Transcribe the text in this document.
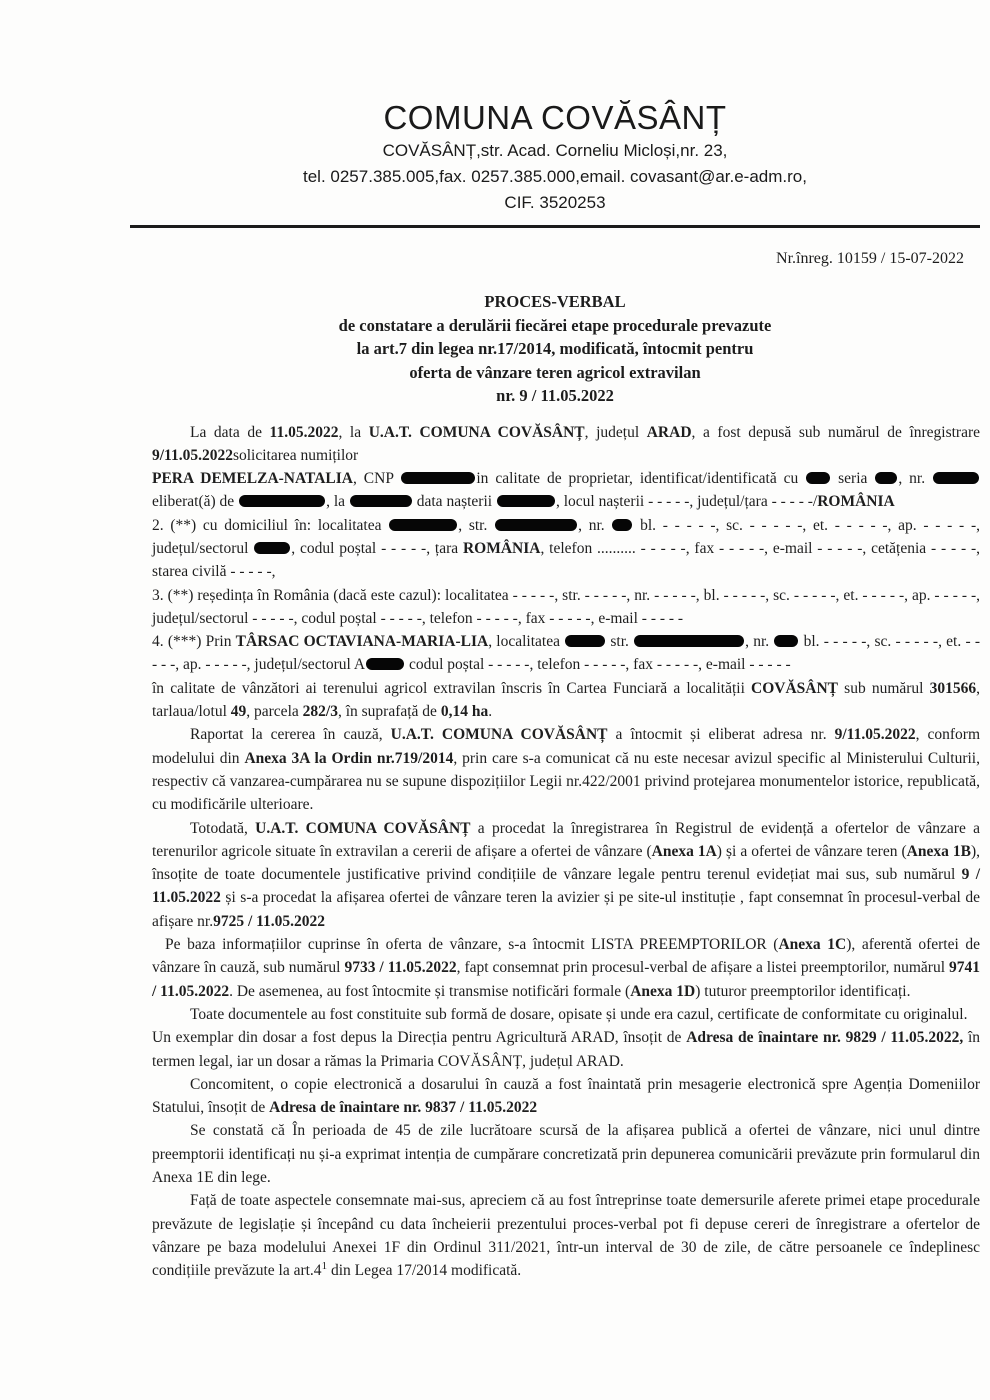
COMUNA COVĂSÂNȚ
COVĂSÂNȚ,str. Acad. Corneliu Micloși,nr. 23,
tel. 0257.385.005,fax. 0257.385.000,email. covasant@ar.e-adm.ro,
CIF. 3520253
Nr.înreg. 10159 / 15-07-2022
PROCES-VERBAL
de constatare a derulării fiecărei etape procedurale prevazute
la art.7 din legea nr.17/2014, modificată, întocmit pentru
oferta de vânzare teren agricol extravilan
nr. 9 / 11.05.2022

La data de 11.05.2022, la U.A.T. COMUNA COVĂSÂNȚ, județul ARAD, a fost depusă sub numărul de înregistrare 9/11.05.2022solicitarea numiților

PERA DEMELZA-NATALIA, CNP	in calitate de proprietar, identificat/identificată cu  seria , nr.  eliberat(ă) de	, la	data nașterii	, locul nașterii - - - - -, județul/țara - - - - -/ROMÂNIA

2. (**) cu domiciliul în: localitatea	, str.	, nr.  bl. - - - - -, sc. - - - - -, et. - - - - -, ap. - - - - -, județul/sectorul , codul poștal - - - - -, țara ROMÂNIA, telefon .......... - - - - -, fax - - - - -, e-mail - - - - -, cetățenia - - - - -, starea civilă - - - - -,

3. (**) reședința în România (dacă este cazul): localitatea - - - - -, str. - - - - -, nr. - - - - -, bl. - - - - -, sc. - - - - -, et. - - - - -, ap. - - - - -, județul/sectorul - - - - -, codul poștal - - - - -, telefon - - - - -, fax - - - - -, e-mail - - - - -

4. (***) Prin TÂRSAC OCTAVIANA-MARIA-LIA, localitatea	str.	, nr.  bl. - - - - -, sc. - - - - -, et. - - - - -, ap. - - - - -, județul/sectorul A	codul poștal - - - - -, telefon - - - - -, fax - - - - -, e-mail - - - - -

în calitate de vânzători ai terenului agricol extravilan înscris în Cartea Funciară a localității COVĂSÂNȚ sub numărul 301566, tarlaua/lotul 49, parcela 282/3, în suprafață de 0,14 ha.

Raportat la cererea în cauză, U.A.T. COMUNA COVĂSÂNȚ a întocmit și eliberat adresa nr. 9/11.05.2022, conform modelului din Anexa 3A la Ordin nr.719/2014, prin care s-a comunicat că nu este necesar avizul specific al Ministerului Culturii, respectiv că vanzarea-cumpărarea nu se supune dispozițiilor Legii nr.422/2001 privind protejarea monumentelor istorice, republicată, cu modificările ulterioare.

Totodată, U.A.T. COMUNA COVĂSÂNȚ a procedat la înregistrarea în Registrul de evidență a ofertelor de vânzare a terenurilor agricole situate în extravilan a cererii de afișare a ofertei de vânzare (Anexa 1A) și a ofertei de vânzare teren (Anexa 1B), însoțite de toate documentele justificative privind condițiile de vânzare legale pentru terenul evidețiat mai sus, sub numărul 9 / 11.05.2022 și s-a procedat la afișarea ofertei de vânzare teren la avizier și pe site-ul instituție , fapt consemnat în procesul-verbal de afișare nr.9725 / 11.05.2022

Pe baza informațiilor cuprinse în oferta de vânzare, s-a întocmit LISTA PREEMPTORILOR (Anexa 1C), aferentă ofertei de vânzare în cauză, sub numărul 9733 / 11.05.2022, fapt consemnat prin procesul-verbal de afișare a listei preemptorilor, numărul 9741 / 11.05.2022. De asemenea, au fost întocmite și transmise notificări formale (Anexa 1D) tuturor preemptorilor identificați.

Toate documentele au fost constituite sub formă de dosare, opisate și unde era cazul, certificate de conformitate cu originalul.

Un exemplar din dosar a fost depus la Direcția pentru Agricultură ARAD, însoțit de Adresa de înaintare nr. 9829 / 11.05.2022, în termen legal, iar un dosar a rămas la Primaria COVĂSÂNȚ, județul ARAD.

Concomitent, o copie electronică a dosarului în cauză a fost înaintată prin mesagerie electronică spre Agenția Domeniilor Statului, însoțit de Adresa de înaintare nr. 9837 / 11.05.2022

Se constată că În perioada de 45 de zile lucrătoare scursă de la afișarea publică a ofertei de vânzare, nici unul dintre preemptorii identificați nu și-a exprimat intenția de cumpărare concretizată prin depunerea comunicării prevăzute prin formularul din Anexa 1E din lege.

Față de toate aspectele consemnate mai-sus, apreciem că au fost întreprinse toate demersurile aferete primei etape procedurale prevăzute de legislație și începând cu data încheierii prezentului proces-verbal pot fi depuse cereri de înregistrare a ofertelor de vânzare pe baza modelului Anexei 1F din Ordinul 311/2021, într-un interval de 30 de zile, de către persoanele ce îndeplinesc condițiile prevăzute la $art.4^1$ din Legea 17/2014 modificată.
